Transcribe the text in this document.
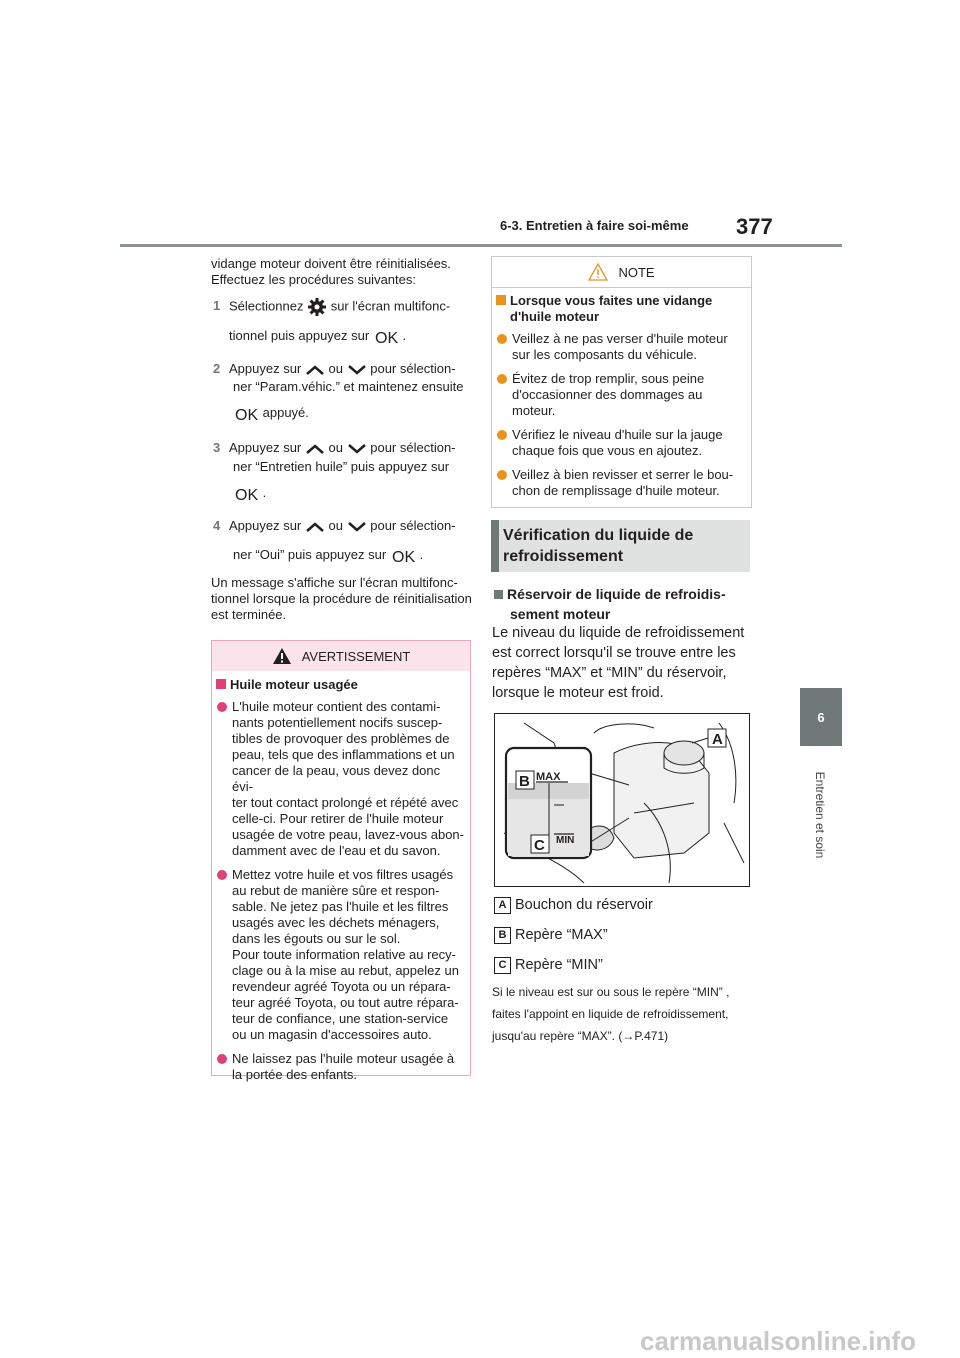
6-3. Entretien à faire soi-même 377
6
Entretien et soin
vidange moteur doivent être réinitialisées.
Effectuez les procédures suivantes:
1 Sélectionnez sur l'écran multifonc-
tionnel puis appuyez sur OK .
2 Appuyez sur ou pour sélection-
ner “Param.véhic.” et maintenez ensuite
OK appuyé.
3 Appuyez sur ou pour sélection-
ner “Entretien huile” puis appuyez sur
OK .
4 Appuyez sur ou pour sélection-
ner “Oui” puis appuyez sur OK .
Un message s'affiche sur l'écran multifonc-
tionnel lorsque la procédure de réinitialisation
est terminée.
AVERTISSEMENT
Huile moteur usagée
L'huile moteur contient des contami-
nants potentiellement nocifs suscep-
tibles de provoquer des problèmes de
peau, tels que des inflammations et un
cancer de la peau, vous devez donc évi-
ter tout contact prolongé et répété avec
celle-ci. Pour retirer de l'huile moteur
usagée de votre peau, lavez-vous abon-
damment avec de l'eau et du savon.
Mettez votre huile et vos filtres usagés
au rebut de manière sûre et respon-
sable. Ne jetez pas l'huile et les filtres
usagés avec les déchets ménagers,
dans les égouts ou sur le sol.
Pour toute information relative au recy-
clage ou à la mise au rebut, appelez un
revendeur agréé Toyota ou un répara-
teur agréé Toyota, ou tout autre répara-
teur de confiance, une station-service
ou un magasin d'accessoires auto.
Ne laissez pas l'huile moteur usagée à
la portée des enfants.
NOTE
Lorsque vous faites une vidange
d'huile moteur
Veillez à ne pas verser d'huile moteur
sur les composants du véhicule.
Évitez de trop remplir, sous peine
d'occasionner des dommages au
moteur.
Vérifiez le niveau d'huile sur la jauge
chaque fois que vous en ajoutez.
Veillez à bien revisser et serrer le bou-
chon de remplissage d'huile moteur.
Vérification du liquide de
refroidissement
Réservoir de liquide de refroidis-
sement moteur
Le niveau du liquide de refroidissement
est correct lorsqu'il se trouve entre les
repères “MAX” et “MIN” du réservoir,
lorsque le moteur est froid.
MAX
MIN
A
B
C
A Bouchon du réservoir
B Repère “MAX”
C Repère “MIN”
Si le niveau est sur ou sous le repère “MIN” ,
faites l'appoint en liquide de refroidissement,
jusqu'au repère “MAX”. (→P.471)
carmanualsonline.info
